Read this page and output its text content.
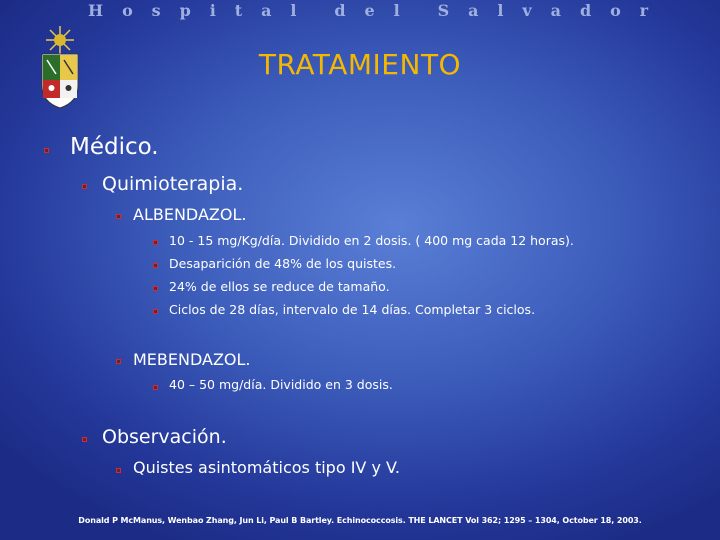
H o s p i t a l d e l S a l v a d o r
TRATAMIENTO
Médico.
Quimioterapia.
ALBENDAZOL.
10 - 15 mg/Kg/día. Dividido en 2 dosis. ( 400 mg cada 12 horas).
Desaparición de 48% de los quistes.
24% de ellos se reduce de tamaño.
Ciclos de 28 días, intervalo de 14 días. Completar 3 ciclos.
MEBENDAZOL.
40 – 50 mg/día. Dividido en 3 dosis.
Observación.
Quistes asintomáticos tipo IV y V.
Donald P McManus, Wenbao Zhang, Jun Li, Paul B Bartley. Echinococcosis. THE LANCET Vol 362; 1295 – 1304, October 18, 2003.
